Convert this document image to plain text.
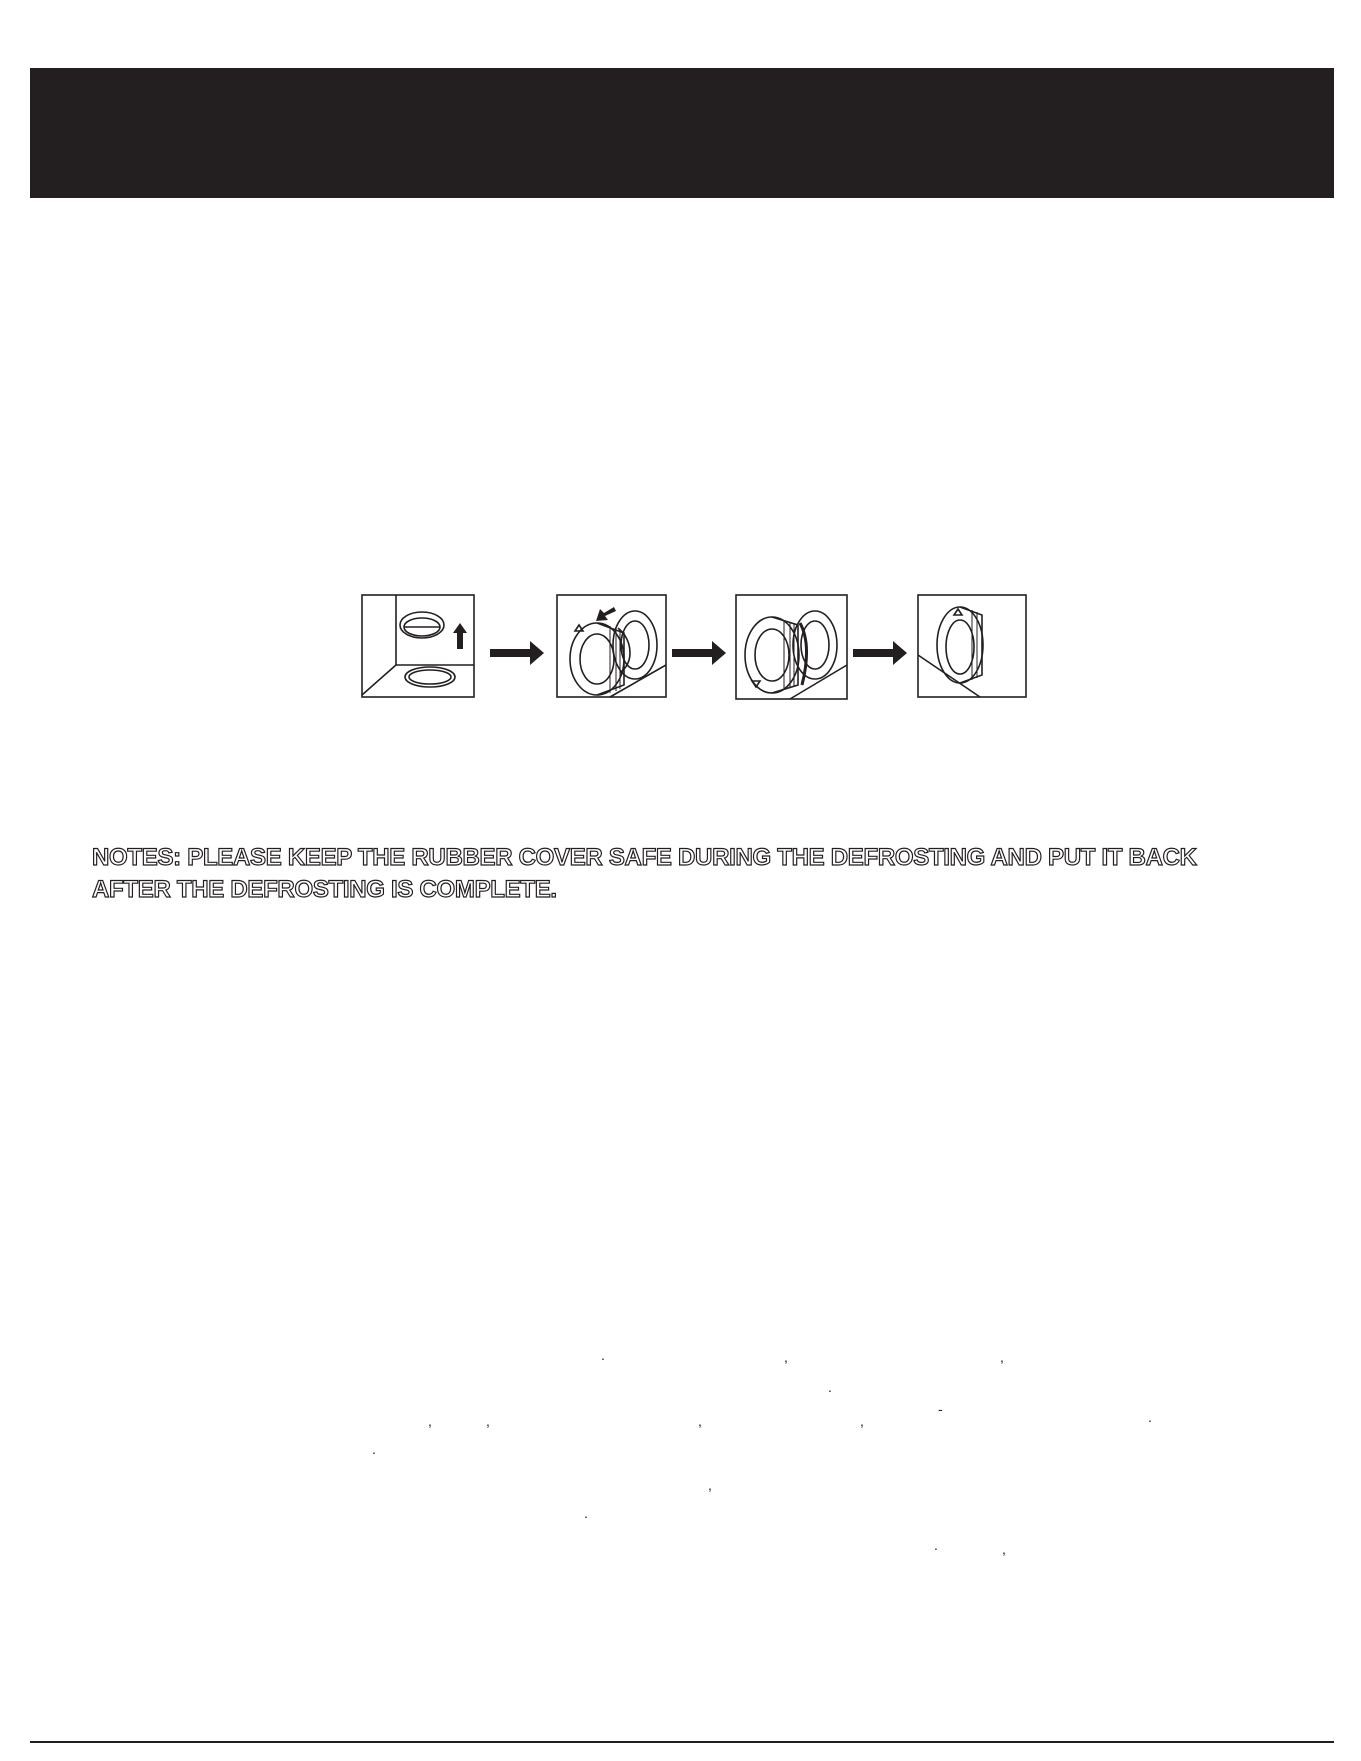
NOTES: PLEASE KEEP THE RUBBER COVER SAFE DURING THE DEFROSTING AND PUT IT BACK AFTER THE DEFROSTING IS COMPLETE.

.	,	,
.
,	,	,	,
-	.
.
,
.
.	,
